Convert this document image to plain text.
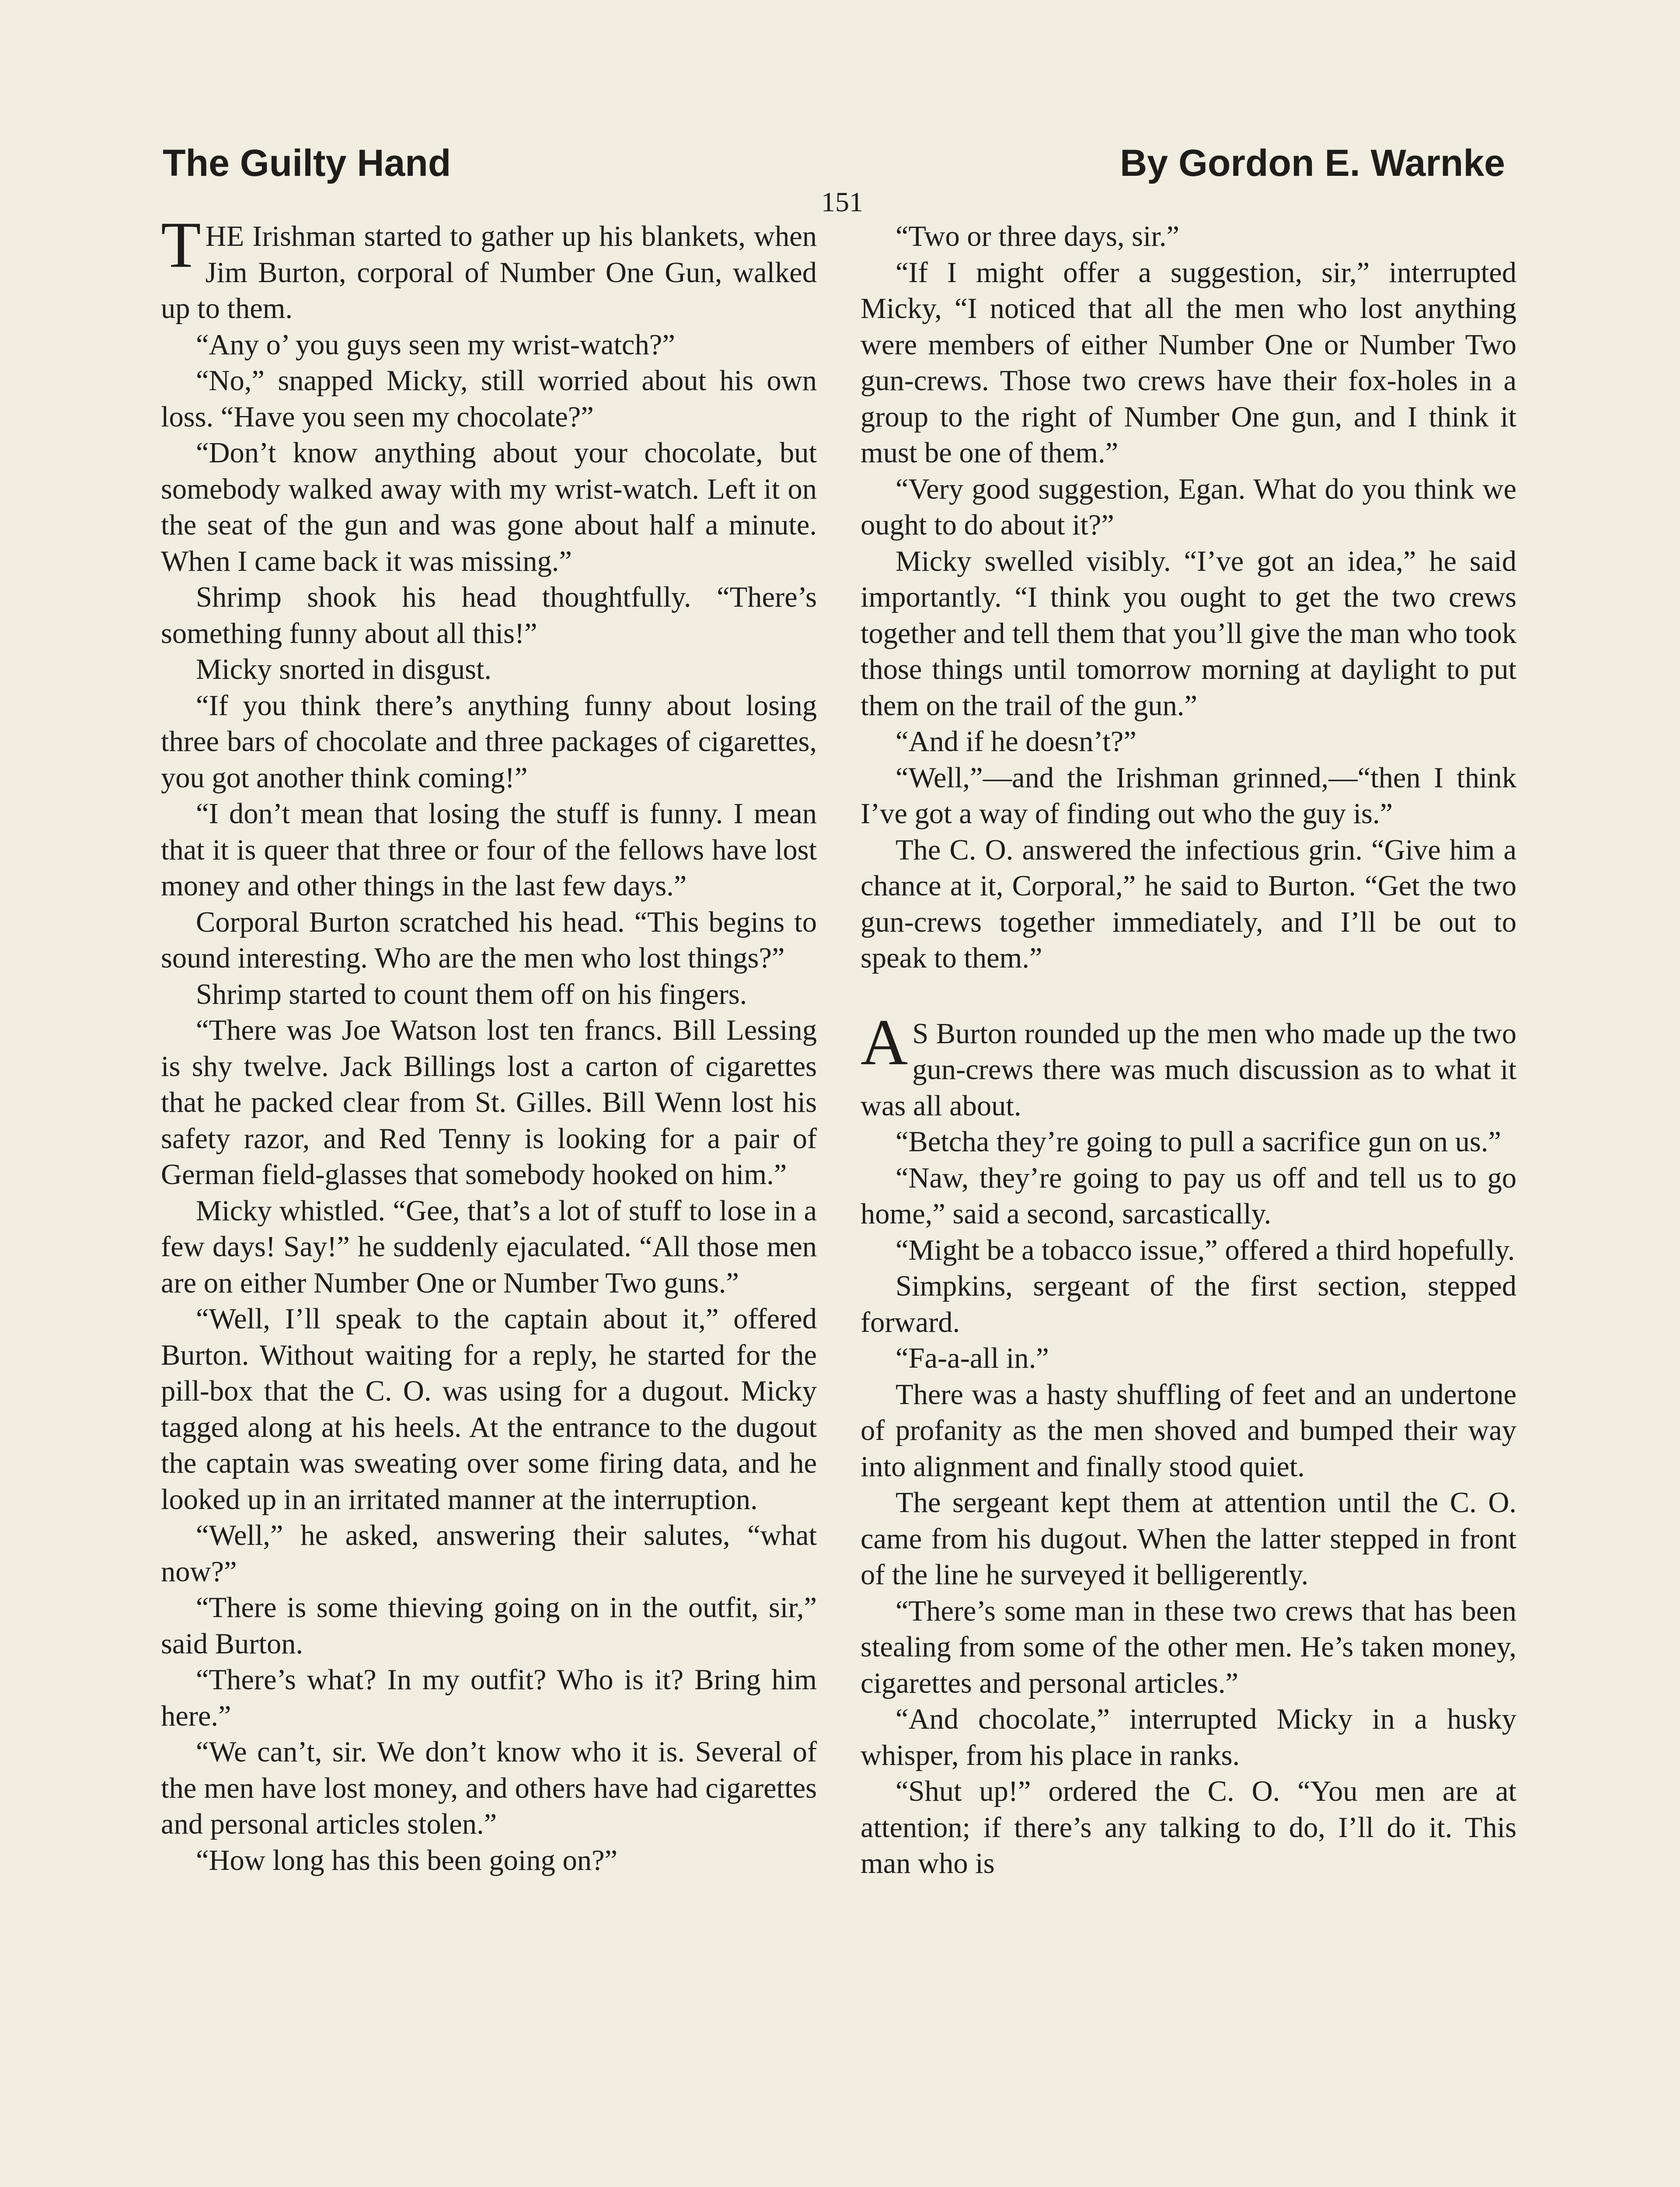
The Guilty Hand	By Gordon E. Warnke
151

THE Irishman started to gather up his blankets, when Jim Burton, corporal of Number One Gun, walked up to them.

“Any o’ you guys seen my wrist-watch?”

“No,” snapped Micky, still worried about his own loss. “Have you seen my chocolate?”

“Don’t know anything about your chocolate, but somebody walked away with my wrist-watch. Left it on the seat of the gun and was gone about half a minute. When I came back it was missing.”

Shrimp shook his head thoughtfully. “There’s something funny about all this!”

Micky snorted in disgust.

“If you think there’s anything funny about losing three bars of chocolate and three packages of cigarettes, you got another think coming!”

“I don’t mean that losing the stuff is funny. I mean that it is queer that three or four of the fellows have lost money and other things in the last few days.”

Corporal Burton scratched his head. “This begins to sound interesting. Who are the men who lost things?”

Shrimp started to count them off on his fingers.

“There was Joe Watson lost ten francs. Bill Lessing is shy twelve. Jack Billings lost a carton of cigarettes that he packed clear from St. Gilles. Bill Wenn lost his safety razor, and Red Tenny is looking for a pair of German field-glasses that somebody hooked on him.”

Micky whistled. “Gee, that’s a lot of stuff to lose in a few days! Say!” he suddenly ejaculated. “All those men are on either Number One or Number Two guns.”

“Well, I’ll speak to the captain about it,” offered Burton. Without waiting for a reply, he started for the pill-box that the C. O. was using for a dugout. Micky tagged along at his heels. At the entrance to the dugout the captain was sweating over some firing data, and he looked up in an irritated manner at the interruption.

“Well,” he asked, answering their salutes, “what now?”

“There is some thieving going on in the outfit, sir,” said Burton.

“There’s what? In my outfit? Who is it? Bring him here.”

“We can’t, sir. We don’t know who it is. Several of the men have lost money, and others have had cigarettes and personal articles stolen.”

“How long has this been going on?”

“Two or three days, sir.”

“If I might offer a suggestion, sir,” interrupted Micky, “I noticed that all the men who lost anything were members of either Number One or Number Two gun-crews. Those two crews have their fox-holes in a group to the right of Number One gun, and I think it must be one of them.”

“Very good suggestion, Egan. What do you think we ought to do about it?”

Micky swelled visibly. “I’ve got an idea,” he said importantly. “I think you ought to get the two crews together and tell them that you’ll give the man who took those things until tomorrow morning at daylight to put them on the trail of the gun.”

“And if he doesn’t?”

“Well,”—and the Irishman grinned,—“then I think I’ve got a way of finding out who the guy is.”

The C. O. answered the infectious grin. “Give him a chance at it, Corporal,” he said to Burton. “Get the two gun-crews together immediately, and I’ll be out to speak to them.”

A S Burton rounded up the men who made up the two gun-crews there was much discussion as to what it was all about.

“Betcha they’re going to pull a sacrifice gun on us.”

“Naw, they’re going to pay us off and tell us to go home,” said a second, sarcastically.

“Might be a tobacco issue,” offered a third hopefully.

Simpkins, sergeant of the first section, stepped forward.

“Fa-a-all in.”

There was a hasty shuffling of feet and an undertone of profanity as the men shoved and bumped their way into alignment and finally stood quiet.

The sergeant kept them at attention until the C. O. came from his dugout. When the latter stepped in front of the line he surveyed it belligerently.

“There’s some man in these two crews that has been stealing from some of the other men. He’s taken money, cigarettes and personal articles.”

“And chocolate,” interrupted Micky in a husky whisper, from his place in ranks.

“Shut up!” ordered the C. O. “You men are at attention; if there’s any talking to do, I’ll do it. This man who is
